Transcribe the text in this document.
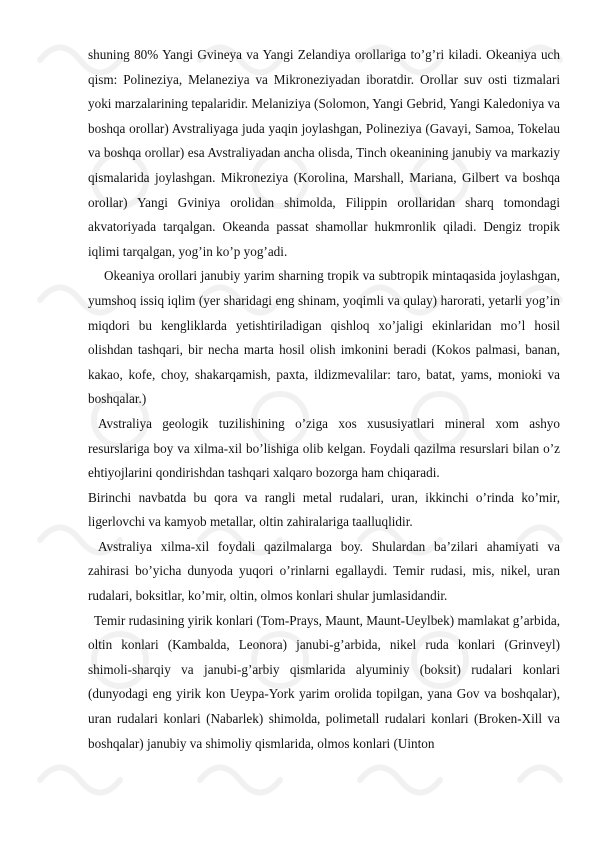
shuning 80% Yangi Gvineya va Yangi Zelandiya orollariga to’g’ri kiladi. Okeaniya uch qism: Polineziya, Melaneziya va Mikroneziyadan iboratdir. Orollar suv osti tizmalari yoki marzalarining tepalaridir. Melaniziya (Solomon, Yangi Gebrid, Yangi Kaledoniya va boshqa orollar) Avstraliyaga juda yaqin joylashgan, Polineziya (Gavayi, Samoa, Tokelau va boshqa orollar) esa Avstraliyadan ancha olisda, Tinch okeanining janubiy va markaziy qismalarida joylashgan. Mikroneziya (Korolina, Marshall, Mariana, Gilbert va boshqa orollar) Yangi Gviniya orolidan shimolda, Filippin orollaridan sharq tomondagi akvatoriyada tarqalgan. Okeanda passat shamollar hukmronlik qiladi. Dengiz tropik iqlimi tarqalgan, yog’in ko’p yog’adi.

Okeaniya orollari janubiy yarim sharning tropik va subtropik mintaqasida joylashgan, yumshoq issiq iqlim (yer sharidagi eng shinam, yoqimli va qulay) harorati, yetarli yog’in miqdori bu kengliklarda yetishtiriladigan qishloq xo’jaligi ekinlaridan mo’l hosil olishdan tashqari, bir necha marta hosil olish imkonini beradi (Kokos palmasi, banan, kakao, kofe, choy, shakarqamish, paxta, ildizmevalilar: taro, batat, yams, monioki va boshqalar.)

Avstraliya geologik tuzilishining o’ziga xos xususiyatlari mineral xom ashyo resurslariga boy va xilma-xil bo’lishiga olib kelgan. Foydali qazilma resurslari bilan o’z ehtiyojlarini qondirishdan tashqari xalqaro bozorga ham chiqaradi.

Birinchi navbatda bu qora va rangli metal rudalari, uran, ikkinchi o’rinda ko’mir, ligerlovchi va kamyob metallar, oltin zahiralariga taalluqlidir.

Avstraliya xilma-xil foydali qazilmalarga boy. Shulardan ba’zilari ahamiyati va zahirasi bo’yicha dunyoda yuqori o’rinlarni egallaydi. Temir rudasi, mis, nikel, uran rudalari, boksitlar, ko’mir, oltin, olmos konlari shular jumlasidandir.

Temir rudasining yirik konlari (Tom-Prays, Maunt, Maunt-Ueylbek) mamlakat g’arbida, oltin konlari (Kambalda, Leonora) janubi-g’arbida, nikel ruda konlari (Grinveyl) shimoli-sharqiy va janubi-g’arbiy qismlarida alyuminiy (boksit) rudalari konlari (dunyodagi eng yirik kon Ueypa-York yarim orolida topilgan, yana Gov va boshqalar), uran rudalari konlari (Nabarlek) shimolda, polimetall rudalari konlari (Broken-Xill va boshqalar) janubiy va shimoliy qismlarida, olmos konlari (Uinton
